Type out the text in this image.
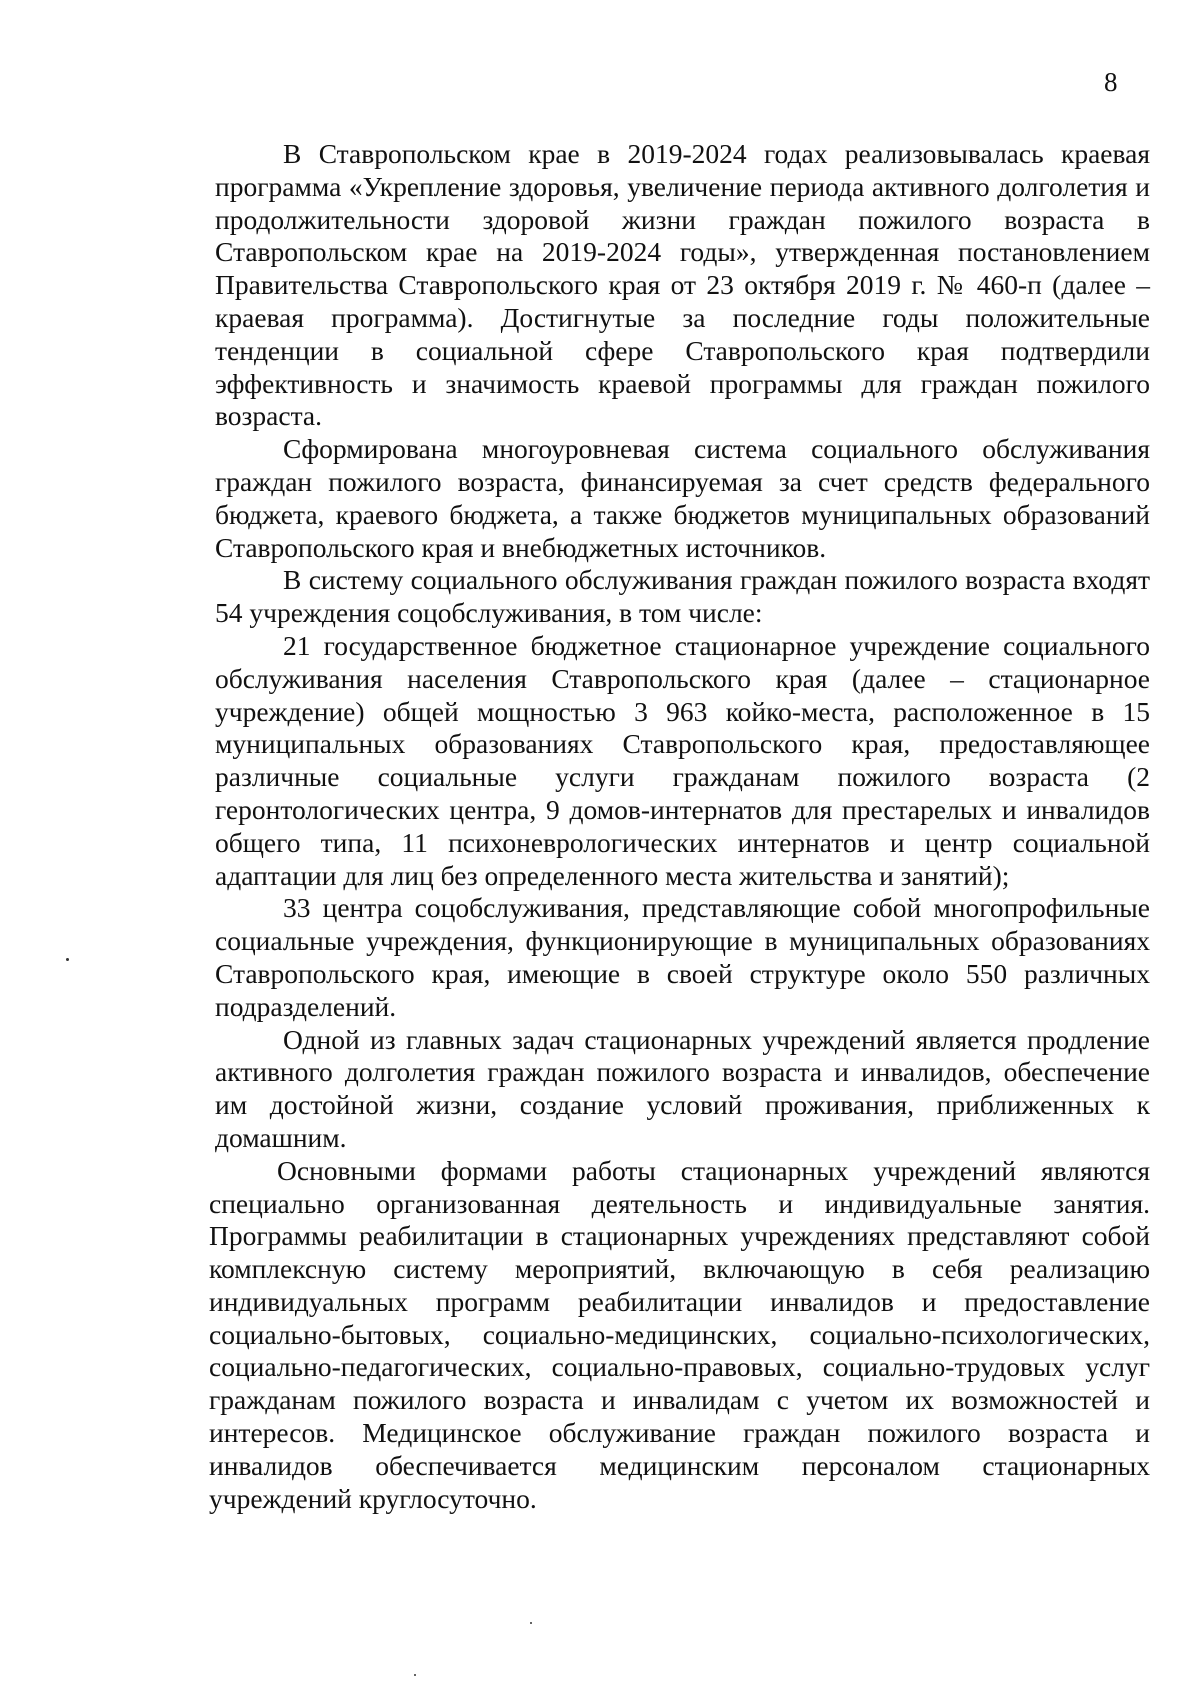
8

В Ставропольском крае в 2019-2024 годах реализовывалась краевая программа «Укрепление здоровья, увеличение периода активного долголетия и продолжительности здоровой жизни граждан пожилого возраста в Ставропольском крае на 2019-2024 годы», утвержденная постановлением Правительства Ставропольского края от 23 октября 2019 г. № 460-п (далее – краевая программа). Достигнутые за последние годы положительные тенденции в социальной сфере Ставропольского края подтвердили эффективность и значимость краевой программы для граждан пожилого возраста.

Сформирована многоуровневая система социального обслуживания граждан пожилого возраста, финансируемая за счет средств федерального бюджета, краевого бюджета, а также бюджетов муниципальных образований Ставропольского края и внебюджетных источников.

В систему социального обслуживания граждан пожилого возраста входят 54 учреждения соцобслуживания, в том числе:

21 государственное бюджетное стационарное учреждение социального обслуживания населения Ставропольского края (далее – стационарное учреждение) общей мощностью 3 963 койко-места, расположенное в 15 муниципальных образованиях Ставропольского края, предоставляющее различные социальные услуги гражданам пожилого возраста (2 геронтологических центра, 9 домов-интернатов для престарелых и инвалидов общего типа, 11 психоневрологических интернатов и центр социальной адаптации для лиц без определенного места жительства и занятий);

33 центра соцобслуживания, представляющие собой многопрофильные социальные учреждения, функционирующие в муниципальных образованиях Ставропольского края, имеющие в своей структуре около 550 различных подразделений.

Одной из главных задач стационарных учреждений является продление активного долголетия граждан пожилого возраста и инвалидов, обеспечение им достойной жизни, создание условий проживания, приближенных к домашним.

Основными формами работы стационарных учреждений являются специально организованная деятельность и индивидуальные занятия. Программы реабилитации в стационарных учреждениях представляют собой комплексную систему мероприятий, включающую в себя реализацию индивидуальных программ реабилитации инвалидов и предоставление социально-бытовых, социально-медицинских, социально-психологических, социально-педагогических, социально-правовых, социально-трудовых услуг гражданам пожилого возраста и инвалидам с учетом их возможностей и интересов. Медицинское обслуживание граждан пожилого возраста и инвалидов обеспечивается медицинским персоналом стационарных учреждений круглосуточно.
